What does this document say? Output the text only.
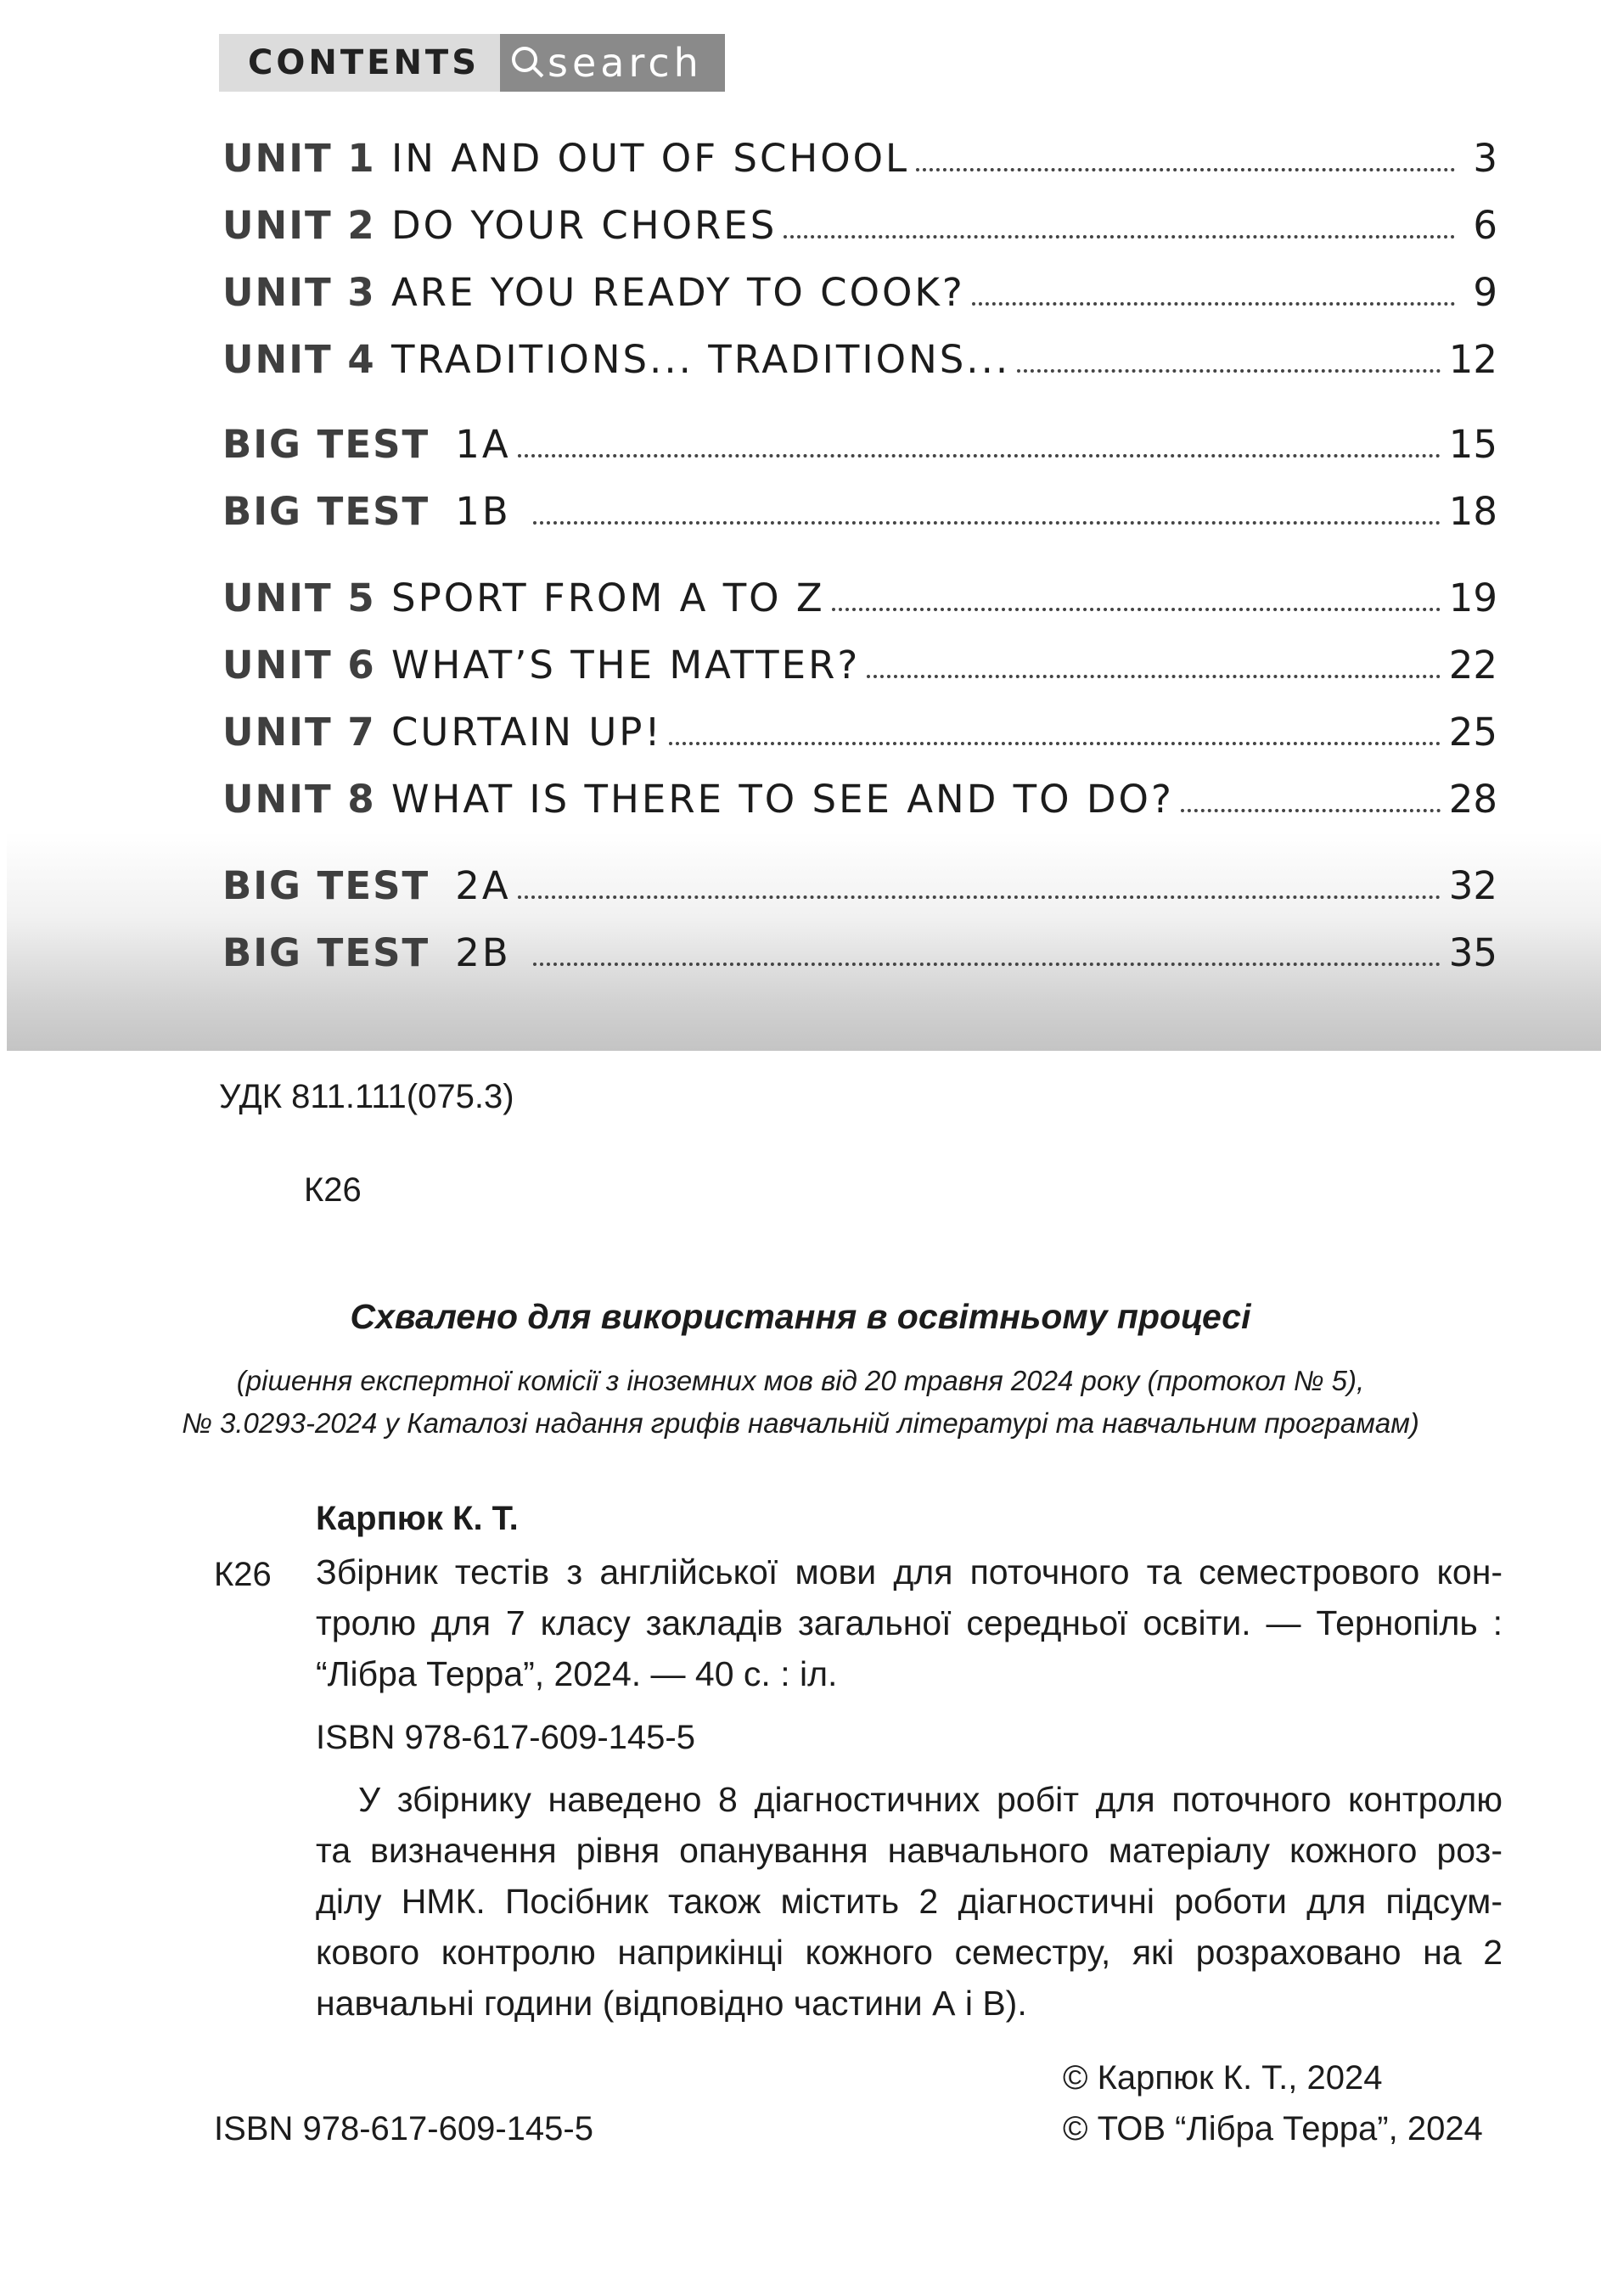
CONTENTS	search
UNIT 1 IN AND OUT OF SCHOOL	3
UNIT 2 DO YOUR CHORES	6
UNIT 3 ARE YOU READY TO COOK?	9
UNIT 4 TRADITIONS... TRADITIONS...	12
BIG TEST 1A	15
BIG TEST 1B	18
UNIT 5 SPORT FROM A TO Z	19
UNIT 6 WHAT’S THE MATTER?	22
UNIT 7 CURTAIN UP!	25
UNIT 8 WHAT IS THERE TO SEE AND TO DO?	28
BIG TEST 2A	32
BIG TEST 2B	35
УДК 811.111(075.3)
К26
Схвалено для використання в освітньому процесі
(рішення експертної комісії з іноземних мов від 20 травня 2024 року (протокол № 5),
№ 3.0293-2024 у Каталозі надання грифів навчальній літературі та навчальним програмам)
Карпюк К. Т.
К26 Збірник тестів з англійської мови для поточного та семестрового кон-
тролю для 7 класу закладів загальної середньої освіти. — Тернопіль :
“Лібра Терра”, 2024. — 40 с. : іл.
ISBN 978-617-609-145-5
У збірнику наведено 8 діагностичних робіт для поточного контролю
та визначення рівня опанування навчального матеріалу кожного роз-
ділу НМК. Посібник також містить 2 діагностичні роботи для підсум-
кового контролю наприкінці кожного семестру, які розраховано на 2
навчальні години (відповідно частини А і В).
ISBN 978-617-609-145-5
© Карпюк К. Т., 2024
© ТОВ “Лібра Терра”, 2024
